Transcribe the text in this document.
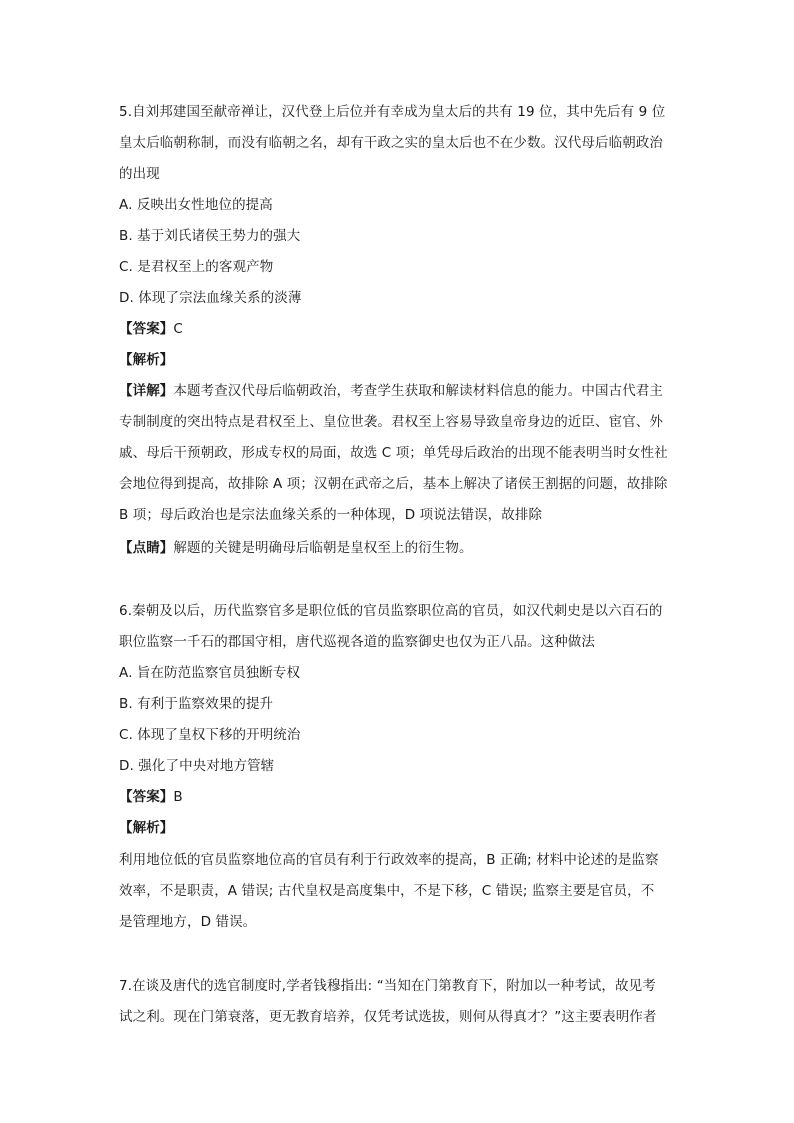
5.自刘邦建国至献帝禅让，汉代登上后位并有幸成为皇太后的共有 19 位，其中先后有 9 位
皇太后临朝称制，而没有临朝之名，却有干政之实的皇太后也不在少数。汉代母后临朝政治
的出现
A. 反映出女性地位的提高
B. 基于刘氏诸侯王势力的强大
C. 是君权至上的客观产物
D. 体现了宗法血缘关系的淡薄
【答案】C
【解析】
【详解】本题考查汉代母后临朝政治，考查学生获取和解读材料信息的能力。中国古代君主
专制制度的突出特点是君权至上、皇位世袭。君权至上容易导致皇帝身边的近臣、宦官、外
戚、母后干预朝政，形成专权的局面，故选 C 项；单凭母后政治的出现不能表明当时女性社
会地位得到提高，故排除 A 项；汉朝在武帝之后，基本上解决了诸侯王割据的问题，故排除
B 项；母后政治也是宗法血缘关系的一种体现，D 项说法错误，故排除
【点睛】解题的关键是明确母后临朝是皇权至上的衍生物。
6.秦朝及以后，历代监察官多是职位低的官员监察职位高的官员，如汉代刺史是以六百石的
职位监察一千石的郡国守相，唐代巡视各道的监察御史也仅为正八品。这种做法
A. 旨在防范监察官员独断专权
B. 有利于监察效果的提升
C. 体现了皇权下移的开明统治
D. 强化了中央对地方管辖
【答案】B
【解析】
利用地位低的官员监察地位高的官员有利于行政效率的提高，B 正确; 材料中论述的是监察
效率，不是职责，A 错误; 古代皇权是高度集中，不是下移，C 错误; 监察主要是官员，不
是管理地方，D 错误。
7.在谈及唐代的选官制度时,学者钱穆指出: “当知在门第教育下，附加以一种考试，故见考
试之利。现在门第衰落，更无教育培养，仅凭考试选拔，则何从得真才？”这主要表明作者
